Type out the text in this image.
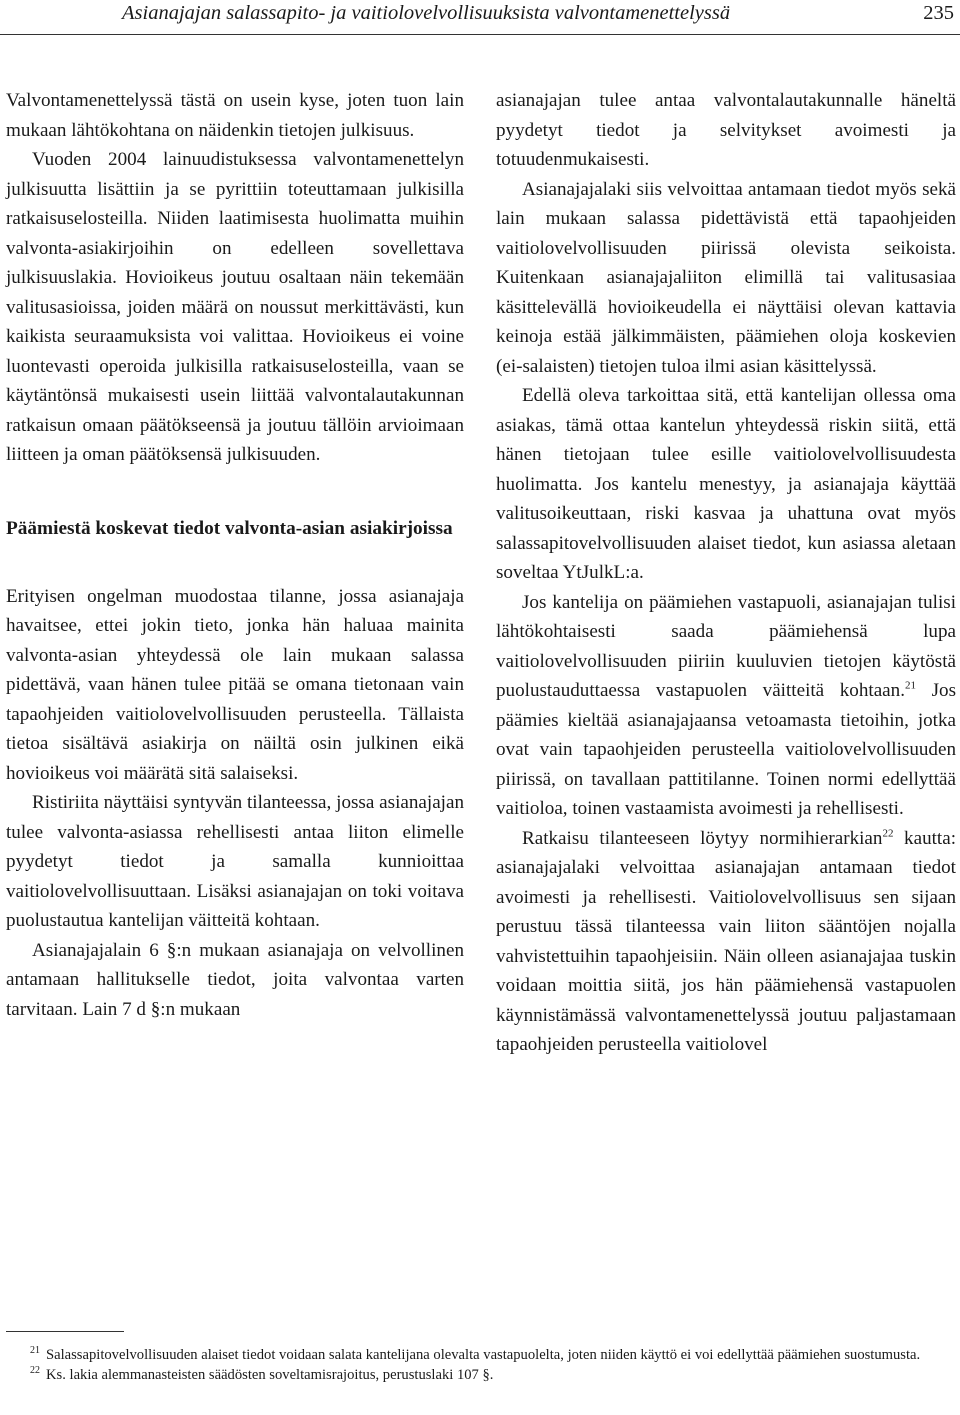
Asianajajan salassapito- ja vaitiolovelvollisuuksista valvontamenettelyssä	235

Valvontamenettelyssä tästä on usein kyse, joten tuon lain mukaan lähtökohtana on näidenkin tietojen julkisuus.

Vuoden 2004 lainuudistuksessa valvontamenettelyn julkisuutta lisättiin ja se pyrittiin toteuttamaan julkisilla ratkaisuselosteilla. Niiden laatimisesta huolimatta muihin valvonta-asiakirjoihin on edelleen sovellettava julkisuuslakia. Hovioikeus joutuu osaltaan näin tekemään valitusasioissa, joiden määrä on noussut merkittävästi, kun kaikista seuraamuksista voi valittaa. Hovioikeus ei voine luontevasti operoida julkisilla ratkaisuselosteilla, vaan se käytäntönsä mukaisesti usein liittää valvontalautakunnan ratkaisun omaan päätökseensä ja joutuu tällöin arvioimaan liitteen ja oman päätöksensä julkisuuden.

Päämiestä koskevat tiedot valvonta-asian asiakirjoissa

Erityisen ongelman muodostaa tilanne, jossa asianajaja havaitsee, ettei jokin tieto, jonka hän haluaa mainita valvonta-asian yhteydessä ole lain mukaan salassa pidettävä, vaan hänen tulee pitää se omana tietonaan vain tapaohjeiden vaitiolovelvollisuuden perusteella. Tällaista tietoa sisältävä asiakirja on näiltä osin julkinen eikä hovioikeus voi määrätä sitä salaiseksi.

Ristiriita näyttäisi syntyvän tilanteessa, jossa asianajajan tulee valvonta-asiassa rehellisesti antaa liiton elimelle pyydetyt tiedot ja samalla kunnioittaa vaitiolovelvollisuuttaan. Lisäksi asianajajan on toki voitava puolustautua kantelijan väitteitä kohtaan.

Asianajajalain 6 §:n mukaan asianajaja on velvollinen antamaan hallitukselle tiedot, joita valvontaa varten tarvitaan. Lain 7 d §:n mukaan

asianajajan tulee antaa valvontalautakunnalle häneltä pyydetyt tiedot ja selvitykset avoimesti ja totuudenmukaisesti.

Asianajajalaki siis velvoittaa antamaan tiedot myös sekä lain mukaan salassa pidettävistä että tapaohjeiden vaitiolovelvollisuuden piirissä olevista seikoista. Kuitenkaan asianajajaliiton elimillä tai valitusasiaa käsittelevällä hovioikeudella ei näyttäisi olevan kattavia keinoja estää jälkimmäisten, päämiehen oloja koskevien (ei-salaisten) tietojen tuloa ilmi asian käsittelyssä.

Edellä oleva tarkoittaa sitä, että kantelijan ollessa oma asiakas, tämä ottaa kantelun yhteydessä riskin siitä, että hänen tietojaan tulee esille vaitiolovelvollisuudesta huolimatta. Jos kantelu menestyy, ja asianajaja käyttää valitusoikeuttaan, riski kasvaa ja uhattuna ovat myös salassapitovelvollisuuden alaiset tiedot, kun asiassa aletaan soveltaa YtJulkL:a.

Jos kantelija on päämiehen vastapuoli, asianajajan tulisi lähtökohtaisesti saada päämiehensä lupa vaitiolovelvollisuuden piiriin kuuluvien tietojen käytöstä puolustauduttaessa vastapuolen väitteitä kohtaan.$^{21}$ Jos päämies kieltää asianajajaansa vetoamasta tietoihin, jotka ovat vain tapaohjeiden perusteella vaitiolovelvollisuuden piirissä, on tavallaan pattitilanne. Toinen normi edellyttää vaitioloa, toinen vastaamista avoimesti ja rehellisesti.

Ratkaisu tilanteeseen löytyy normihierarkian$^{22}$ kautta: asianajajalaki velvoittaa asianajajan antamaan tiedot avoimesti ja rehellisesti. Vaitiolovelvollisuus sen sijaan perustuu tässä tilanteessa vain liiton sääntöjen nojalla vahvistettuihin tapaohjeisiin. Näin olleen asianajajaa tuskin voidaan moittia siitä, jos hän päämiehensä vastapuolen käynnistämässä valvontamenettelyssä joutuu paljastamaan tapaohjeiden perusteella vaitiolovel

$^{21}$ Salassapitovelvollisuuden alaiset tiedot voidaan salata kantelijana olevalta vastapuolelta, joten niiden käyttö ei voi edellyttää päämiehen suostumusta.

$^{22}$ Ks. lakia alemmanasteisten säädösten soveltamisrajoitus, perustuslaki 107 §.
